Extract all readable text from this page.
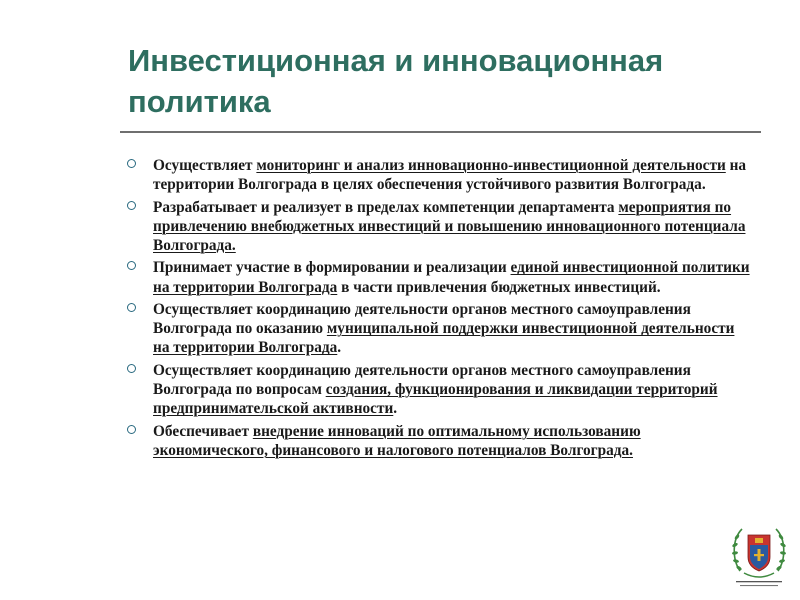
Инвестиционная и инновационная политика
Осуществляет мониторинг и анализ инновационно-инвестиционной деятельности на территории Волгограда в целях обеспечения устойчивого развития Волгограда.
Разрабатывает и реализует в пределах компетенции департамента мероприятия по привлечению внебюджетных инвестиций и повышению инновационного потенциала Волгограда.
Принимает участие в формировании и реализации единой инвестиционной политики на территории Волгограда в части привлечения бюджетных инвестиций.
Осуществляет координацию деятельности органов местного самоуправления Волгограда по оказанию муниципальной поддержки инвестиционной деятельности на территории Волгограда.
Осуществляет координацию деятельности органов местного самоуправления Волгограда по вопросам создания, функционирования и ликвидации территорий предпринимательской активности.
Обеспечивает внедрение инноваций по оптимальному использованию экономического, финансового и налогового потенциалов Волгограда.
